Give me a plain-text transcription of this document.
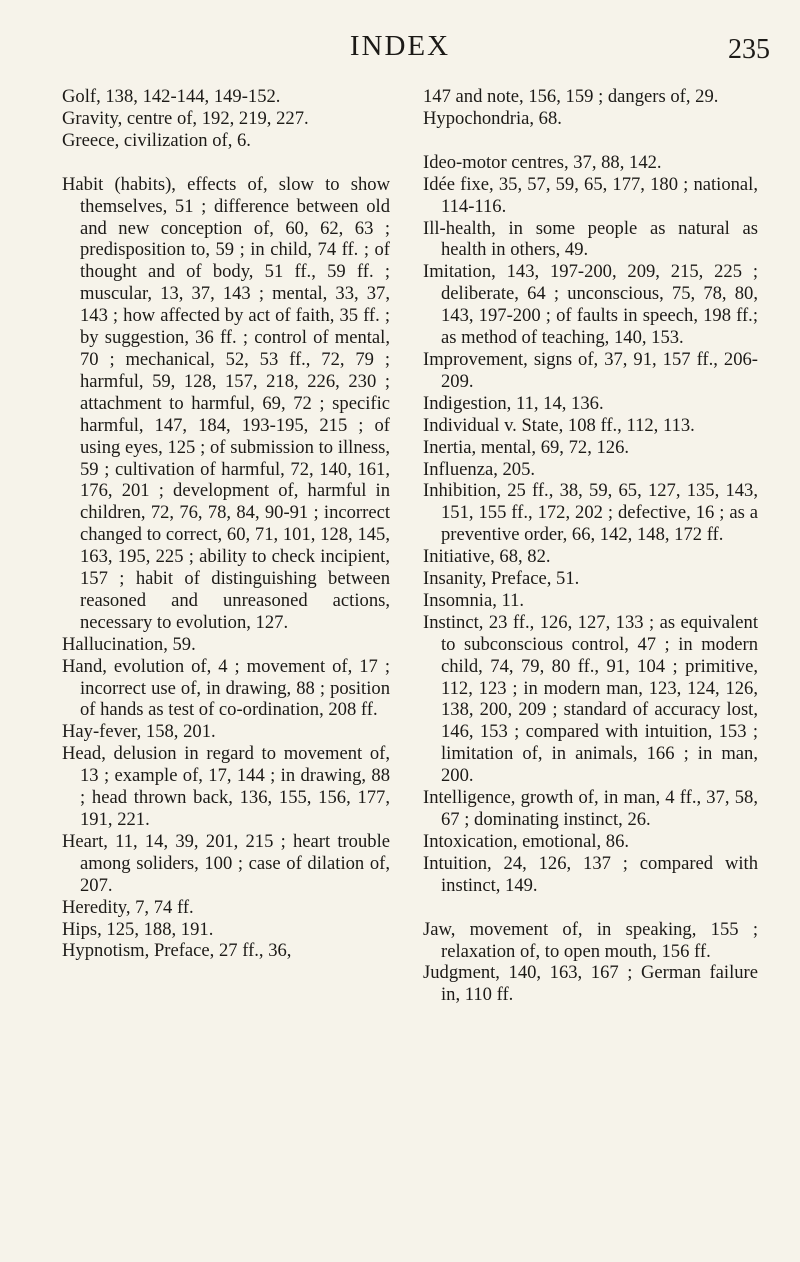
INDEX	235
Golf, 138, 142-144, 149-152.
Gravity, centre of, 192, 219, 227.
Greece, civilization of, 6.
Habit (habits), effects of, slow to show themselves, 51 ; difference between old and new conception of, 60, 62, 63 ; predisposition to, 59 ; in child, 74 ff. ; of thought and of body, 51 ff., 59 ff. ; muscular, 13, 37, 143 ; mental, 33, 37, 143 ; how affected by act of faith, 35 ff. ; by suggestion, 36 ff. ; control of mental, 70 ; mechanical, 52, 53 ff., 72, 79 ; harmful, 59, 128, 157, 218, 226, 230 ; attachment to harmful, 69, 72 ; specific harmful, 147, 184, 193-195, 215 ; of using eyes, 125 ; of submission to illness, 59 ; cultivation of harmful, 72, 140, 161, 176, 201 ; development of, harmful in children, 72, 76, 78, 84, 90-91 ; incorrect changed to correct, 60, 71, 101, 128, 145, 163, 195, 225 ; ability to check incipient, 157 ; habit of distinguishing between reasoned and unreasoned actions, necessary to evolution, 127.
Hallucination, 59.
Hand, evolution of, 4 ; movement of, 17 ; incorrect use of, in drawing, 88 ; position of hands as test of co-ordination, 208 ff.
Hay-fever, 158, 201.
Head, delusion in regard to movement of, 13 ; example of, 17, 144 ; in drawing, 88 ; head thrown back, 136, 155, 156, 177, 191, 221.
Heart, 11, 14, 39, 201, 215 ; heart trouble among soliders, 100 ; case of dilation of, 207.
Heredity, 7, 74 ff.
Hips, 125, 188, 191.
Hypnotism, Preface, 27 ff., 36,
147 and note, 156, 159 ; dangers of, 29.
Hypochondria, 68.
Ideo-motor centres, 37, 88, 142.
Idée fixe, 35, 57, 59, 65, 177, 180 ; national, 114-116.
Ill-health, in some people as natural as health in others, 49.
Imitation, 143, 197-200, 209, 215, 225 ; deliberate, 64 ; unconscious, 75, 78, 80, 143, 197-200 ; of faults in speech, 198 ff.; as method of teaching, 140, 153.
Improvement, signs of, 37, 91, 157 ff., 206-209.
Indigestion, 11, 14, 136.
Individual v. State, 108 ff., 112, 113.
Inertia, mental, 69, 72, 126.
Influenza, 205.
Inhibition, 25 ff., 38, 59, 65, 127, 135, 143, 151, 155 ff., 172, 202 ; defective, 16 ; as a preventive order, 66, 142, 148, 172 ff.
Initiative, 68, 82.
Insanity, Preface, 51.
Insomnia, 11.
Instinct, 23 ff., 126, 127, 133 ; as equivalent to subconscious control, 47 ; in modern child, 74, 79, 80 ff., 91, 104 ; primitive, 112, 123 ; in modern man, 123, 124, 126, 138, 200, 209 ; standard of accuracy lost, 146, 153 ; compared with intuition, 153 ; limitation of, in animals, 166 ; in man, 200.
Intelligence, growth of, in man, 4 ff., 37, 58, 67 ; dominating instinct, 26.
Intoxication, emotional, 86.
Intuition, 24, 126, 137 ; compared with instinct, 149.
Jaw, movement of, in speaking, 155 ; relaxation of, to open mouth, 156 ff.
Judgment, 140, 163, 167 ; German failure in, 110 ff.
